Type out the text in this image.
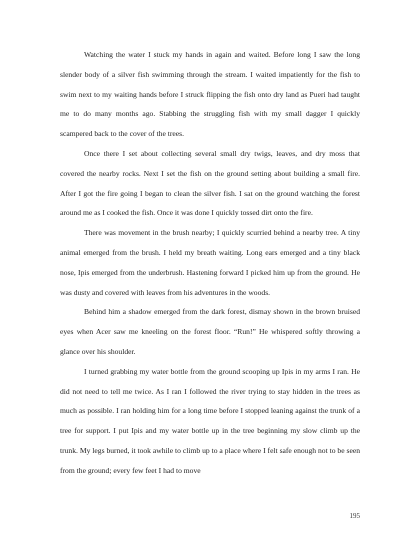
Watching the water I stuck my hands in again and waited. Before long I saw the long slender body of a silver fish swimming through the stream. I waited impatiently for the fish to swim next to my waiting hands before I struck flipping the fish onto dry land as Pueri had taught me to do many months ago. Stabbing the struggling fish with my small dagger I quickly scampered back to the cover of the trees.

Once there I set about collecting several small dry twigs, leaves, and dry moss that covered the nearby rocks. Next I set the fish on the ground setting about building a small fire. After I got the fire going I began to clean the silver fish. I sat on the ground watching the forest around me as I cooked the fish. Once it was done I quickly tossed dirt onto the fire.

There was movement in the brush nearby; I quickly scurried behind a nearby tree. A tiny animal emerged from the brush. I held my breath waiting. Long ears emerged and a tiny black nose, Ipis emerged from the underbrush. Hastening forward I picked him up from the ground. He was dusty and covered with leaves from his adventures in the woods.

Behind him a shadow emerged from the dark forest, dismay shown in the brown bruised eyes when Acer saw me kneeling on the forest floor. “Run!” He whispered softly throwing a glance over his shoulder.

I turned grabbing my water bottle from the ground scooping up Ipis in my arms I ran. He did not need to tell me twice. As I ran I followed the river trying to stay hidden in the trees as much as possible. I ran holding him for a long time before I stopped leaning against the trunk of a tree for support. I put Ipis and my water bottle up in the tree beginning my slow climb up the trunk. My legs burned, it took awhile to climb up to a place where I felt safe enough not to be seen from the ground; every few feet I had to move

195
